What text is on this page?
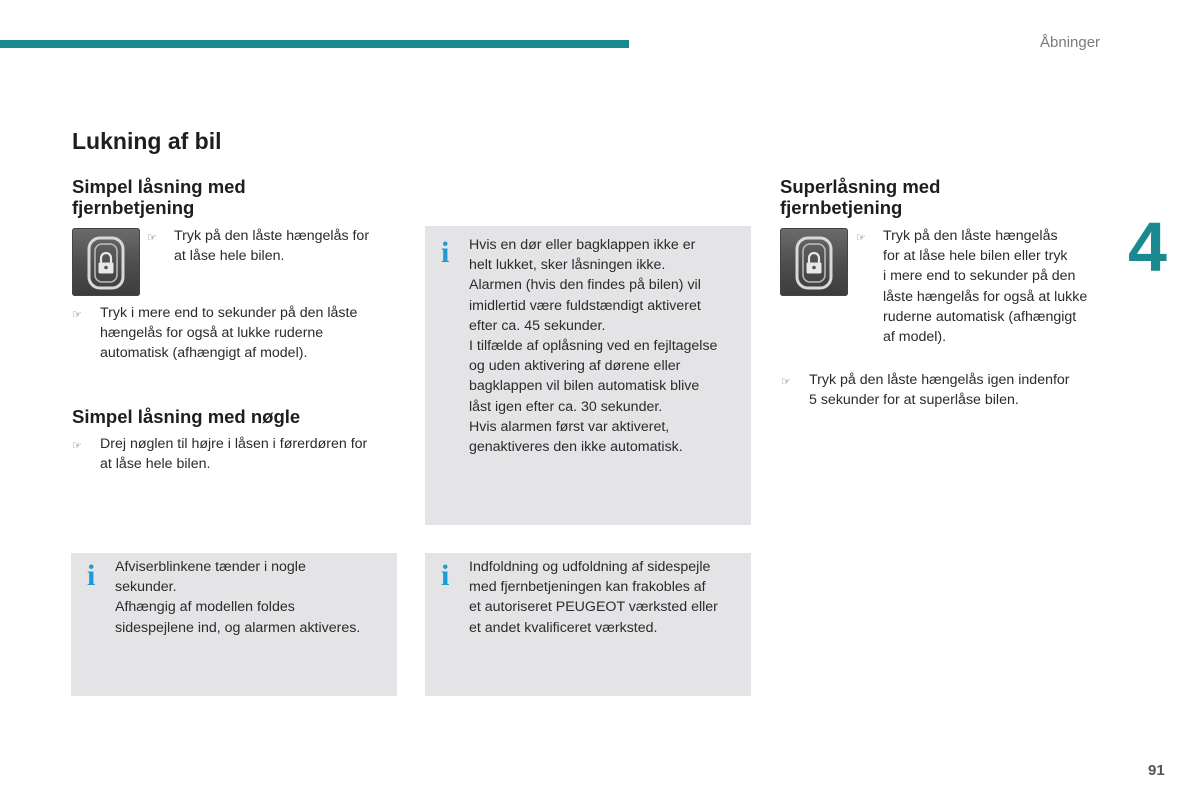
Åbninger
4
Lukning af bil
Simpel låsning med
fjernbetjening
☞ Tryk på den låste hængelås for
at låse hele bilen.
☞ Tryk i mere end to sekunder på den låste
hængelås for også at lukke ruderne
automatisk (afhængigt af model).
Simpel låsning med nøgle
☞ Drej nøglen til højre i låsen i førerdøren for
at låse hele bilen.
i Afviserblinkene tænder i nogle
sekunder.
Afhængig af modellen foldes
sidespejlene ind, og alarmen aktiveres.
i Hvis en dør eller bagklappen ikke er
helt lukket, sker låsningen ikke.
Alarmen (hvis den findes på bilen) vil
imidlertid være fuldstændigt aktiveret
efter ca. 45 sekunder.
I tilfælde af oplåsning ved en fejltagelse
og uden aktivering af dørene eller
bagklappen vil bilen automatisk blive
låst igen efter ca. 30 sekunder.
Hvis alarmen først var aktiveret,
genaktiveres den ikke automatisk.
i Indfoldning og udfoldning af sidespejle
med fjernbetjeningen kan frakobles af
et autoriseret PEUGEOT værksted eller
et andet kvalificeret værksted.
Superlåsning med
fjernbetjening
☞ Tryk på den låste hængelås
for at låse hele bilen eller tryk
i mere end to sekunder på den
låste hængelås for også at lukke
ruderne automatisk (afhængigt
af model).
☞ Tryk på den låste hængelås igen indenfor
5 sekunder for at superlåse bilen.
91
